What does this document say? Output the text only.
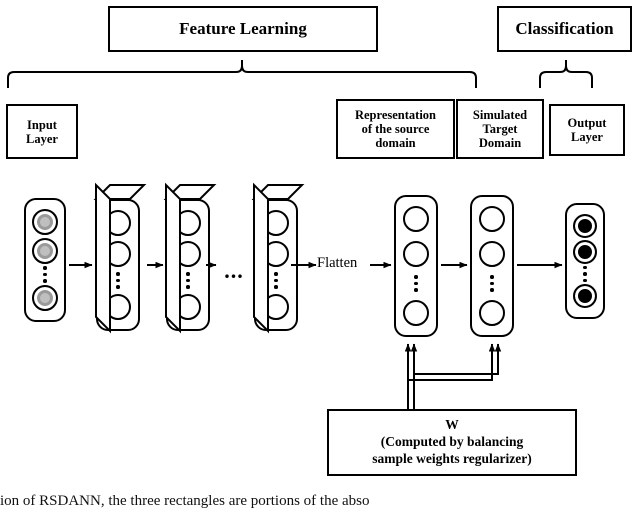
Feature Learning	Classification
Input
Layer
Representation
of the source
domain
Simulated
Target
Domain
Output
Layer
...	Flatten
W
(Computed by balancing
sample weights regularizer)
ion of RSDANN, the three rectangles are portions of the abso
